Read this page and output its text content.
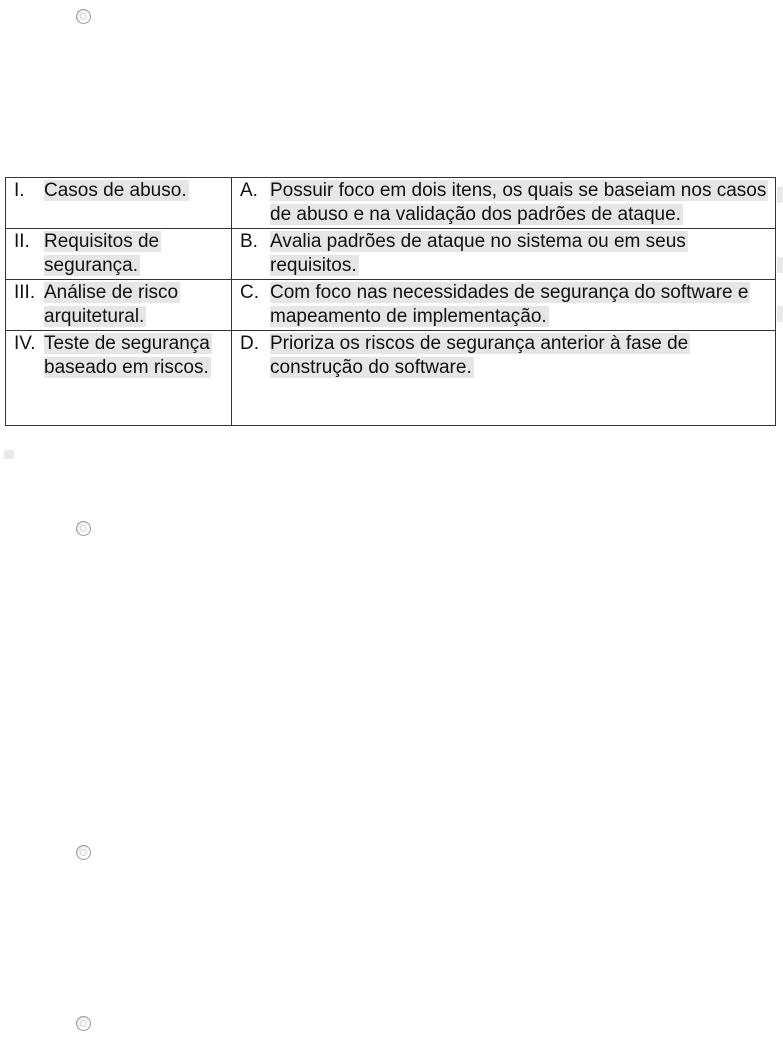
I. Casos de abuso.	A. Possuir foco em dois itens, os quais se baseiam nos casos de abuso e na validação dos padrões de ataque.

II. Requisitos de segurança.	B. Avalia padrões de ataque no sistema ou em seus requisitos.

III. Análise de risco arquitetural.	C. Com foco nas necessidades de segurança do software e mapeamento de implementação.

IV. Teste de segurança baseado em riscos.	D. Prioriza os riscos de segurança anterior à fase de construção do software.
